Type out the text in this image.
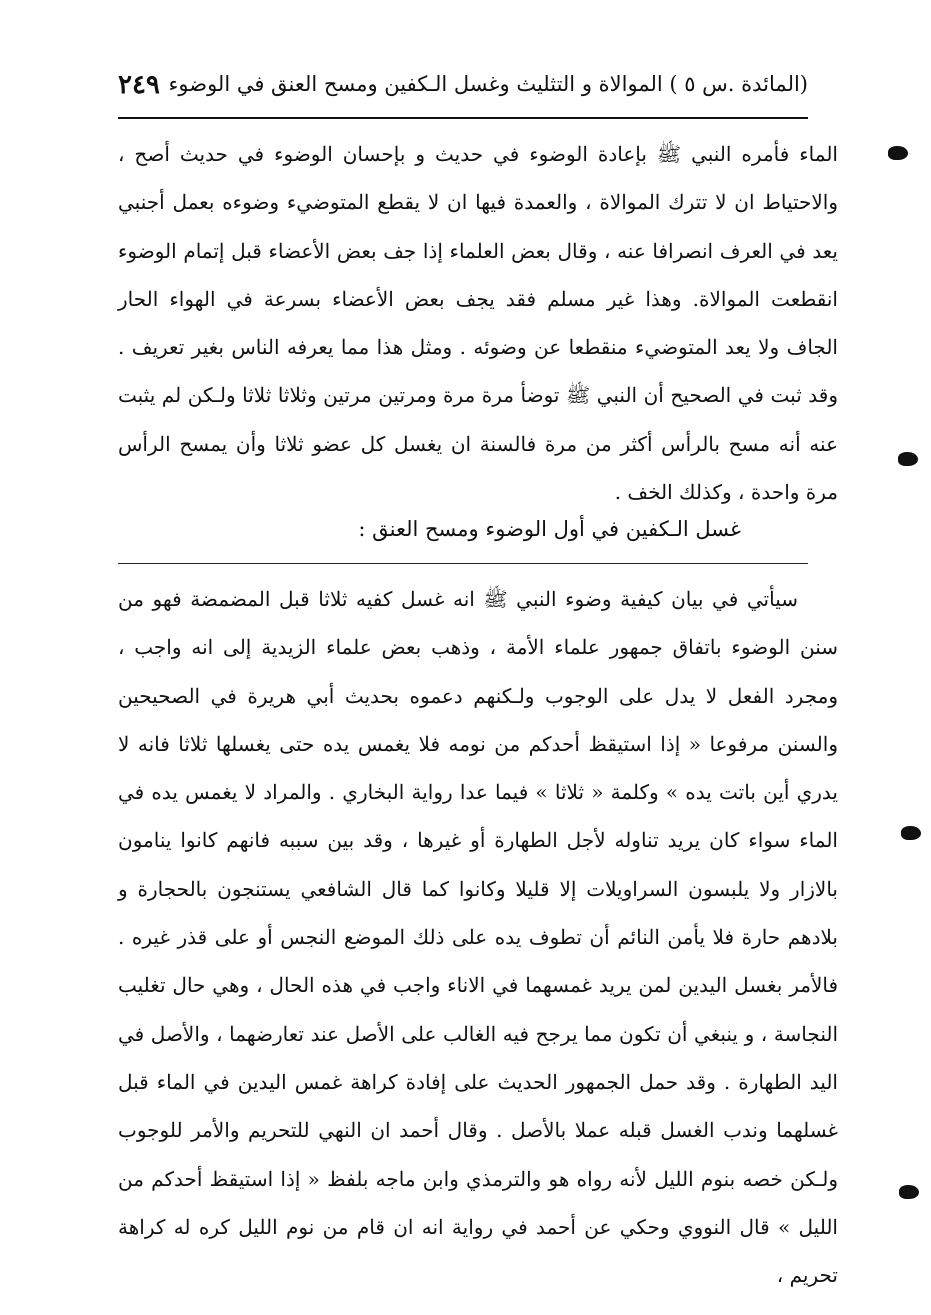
(المائدة .س ٥ ) الموالاة و التثليث وغسل الـكفين ومسح العنق في الوضوء
٢٤٩
الماء فأمره النبي ﷺ بإعادة الوضوء في حديث و بإحسان الوضوء في حديث أصح ، والاحتياط ان لا تترك الموالاة ، والعمدة فيها ان لا يقطع المتوضيء وضوءه بعمل أجنبي يعد في العرف انصرافا عنه ، وقال بعض العلماء إذا جف بعض الأعضاء قبل إتمام الوضوء انقطعت الموالاة. وهذا غير مسلم فقد يجف بعض الأعضاء بسرعة في الهواء الحار الجاف ولا يعد المتوضيء منقطعا عن وضوئه . ومثل هذا مما يعرفه الناس بغير تعريف . وقد ثبت في الصحيح أن النبي ﷺ توضأ مرة مرة ومرتين مرتين وثلاثا ثلاثا ولـكن لم يثبت عنه أنه مسح بالرأس أكثر من مرة فالسنة ان يغسل كل عضو ثلاثا وأن يمسح الرأس مرة واحدة ، وكذلك الخف .
غسل الـكفين في أول الوضوء ومسح العنق :
سيأتي في بيان كيفية وضوء النبي ﷺ انه غسل كفيه ثلاثا قبل المضمضة فهو من سنن الوضوء باتفاق جمهور علماء الأمة ، وذهب بعض علماء الزيدية إلى انه واجب ، ومجرد الفعل لا يدل على الوجوب ولـكنهم دعموه بحديث أبي هريرة في الصحيحين والسنن مرفوعا « إذا استيقظ أحدكم من نومه فلا يغمس يده حتى يغسلها ثلاثا فانه لا يدري أين باتت يده » وكلمة « ثلاثا » فيما عدا رواية البخاري . والمراد لا يغمس يده في الماء سواء كان يريد تناوله لأجل الطهارة أو غيرها ، وقد بين سببه فانهم كانوا ينامون بالازار ولا يلبسون السراويلات إلا قليلا وكانوا كما قال الشافعي يستنجون بالحجارة و بلادهم حارة فلا يأمن النائم أن تطوف يده على ذلك الموضع النجس أو على قذر غيره . فالأمر بغسل اليدين لمن يريد غمسهما في الاناء واجب في هذه الحال ، وهي حال تغليب النجاسة ، و ينبغي أن تكون مما يرجح فيه الغالب على الأصل عند تعارضهما ، والأصل في اليد الطهارة . وقد حمل الجمهور الحديث على إفادة كراهة غمس اليدين في الماء قبل غسلهما وندب الغسل قبله عملا بالأصل . وقال أحمد ان النهي للتحريم والأمر للوجوب ولـكن خصه بنوم الليل لأنه رواه هو والترمذي وابن ماجه بلفظ « إذا استيقظ أحدكم من الليل » قال النووي وحكي عن أحمد في رواية انه ان قام من نوم الليل كره له كراهة تحريم ،
